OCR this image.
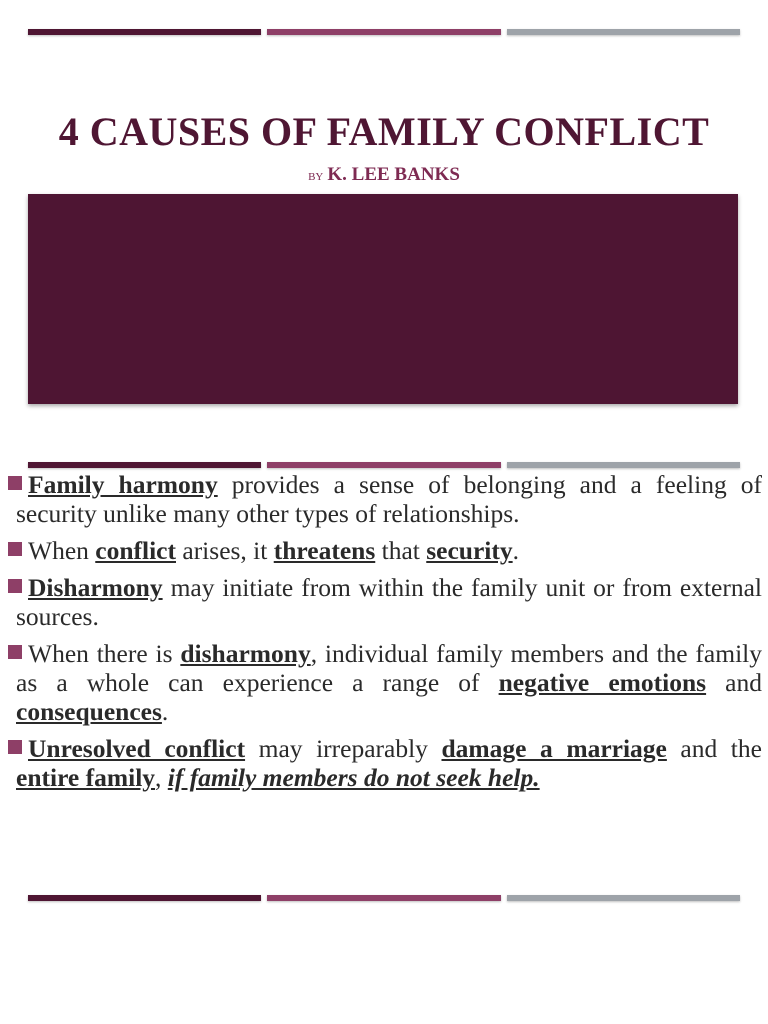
4 CAUSES OF FAMILY CONFLICT
BY K. LEE BANKS
Family harmony provides a sense of belonging and a feeling of security unlike many other types of relationships.
When conflict arises, it threatens that security.
Disharmony may initiate from within the family unit or from external sources.
When there is disharmony, individual family members and the family as a whole can experience a range of negative emotions and consequences.
Unresolved conflict may irreparably damage a marriage and the entire family, if family members do not seek help.
